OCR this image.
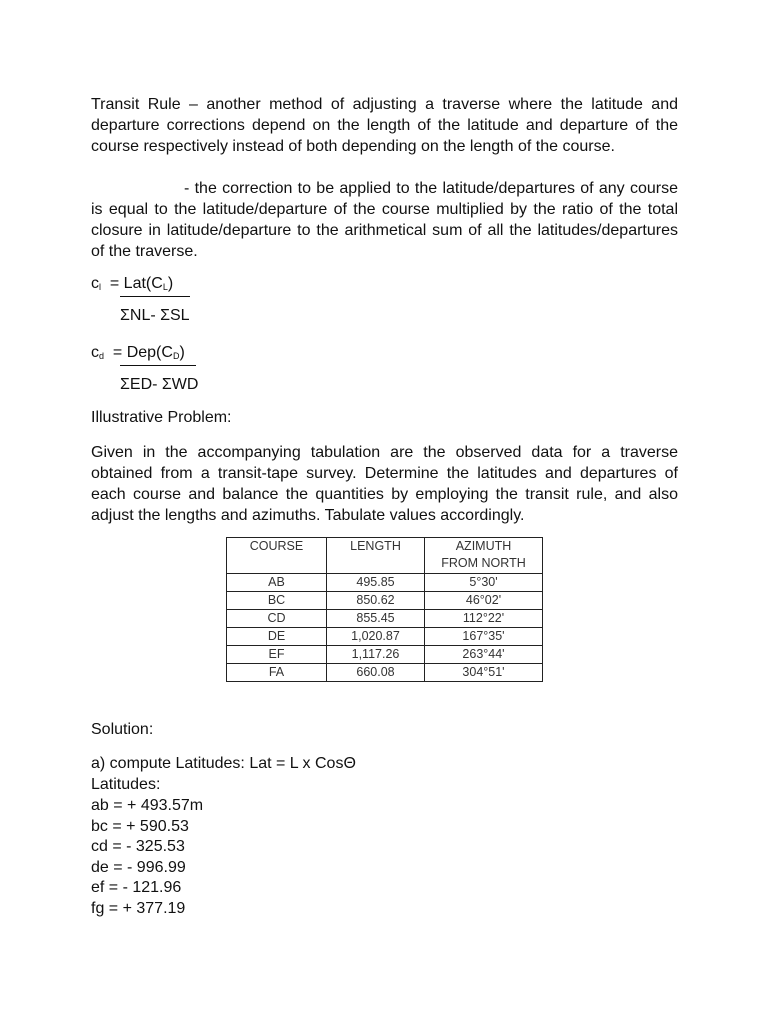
Transit Rule – another method of adjusting a traverse where the latitude and departure corrections depend on the length of the latitude and departure of the course respectively instead of both depending on the length of the course.

- the correction to be applied to the latitude/departures of any course is equal to the latitude/departure of the course multiplied by the ratio of the total closure in latitude/departure to the arithmetical sum of all the latitudes/departures of the traverse.

$c_l = Lat(C_L)$
ΣNL- ΣSL
$c_d = Dep(C_D)$
ΣED- ΣWD
Illustrative Problem:

Given in the accompanying tabulation are the observed data for a traverse obtained from a transit-tape survey. Determine the latitudes and departures of each course and balance the quantities by employing the transit rule, and also adjust the lengths and azimuths. Tabulate values accordingly.

COURSE	LENGTH	AZIMUTH
FROM NORTH
AB	495.85	5°30'
BC	850.62	46°02'
CD	855.45	112°22'
DE	1,020.87	167°35'
EF	1,117.26	263°44'
FA	660.08	304°51'
Solution:
a) compute Latitudes: Lat = L x CosΘ
Latitudes:
ab = + 493.57m
bc = + 590.53
cd = - 325.53
de = - 996.99
ef = - 121.96
fg = + 377.19
